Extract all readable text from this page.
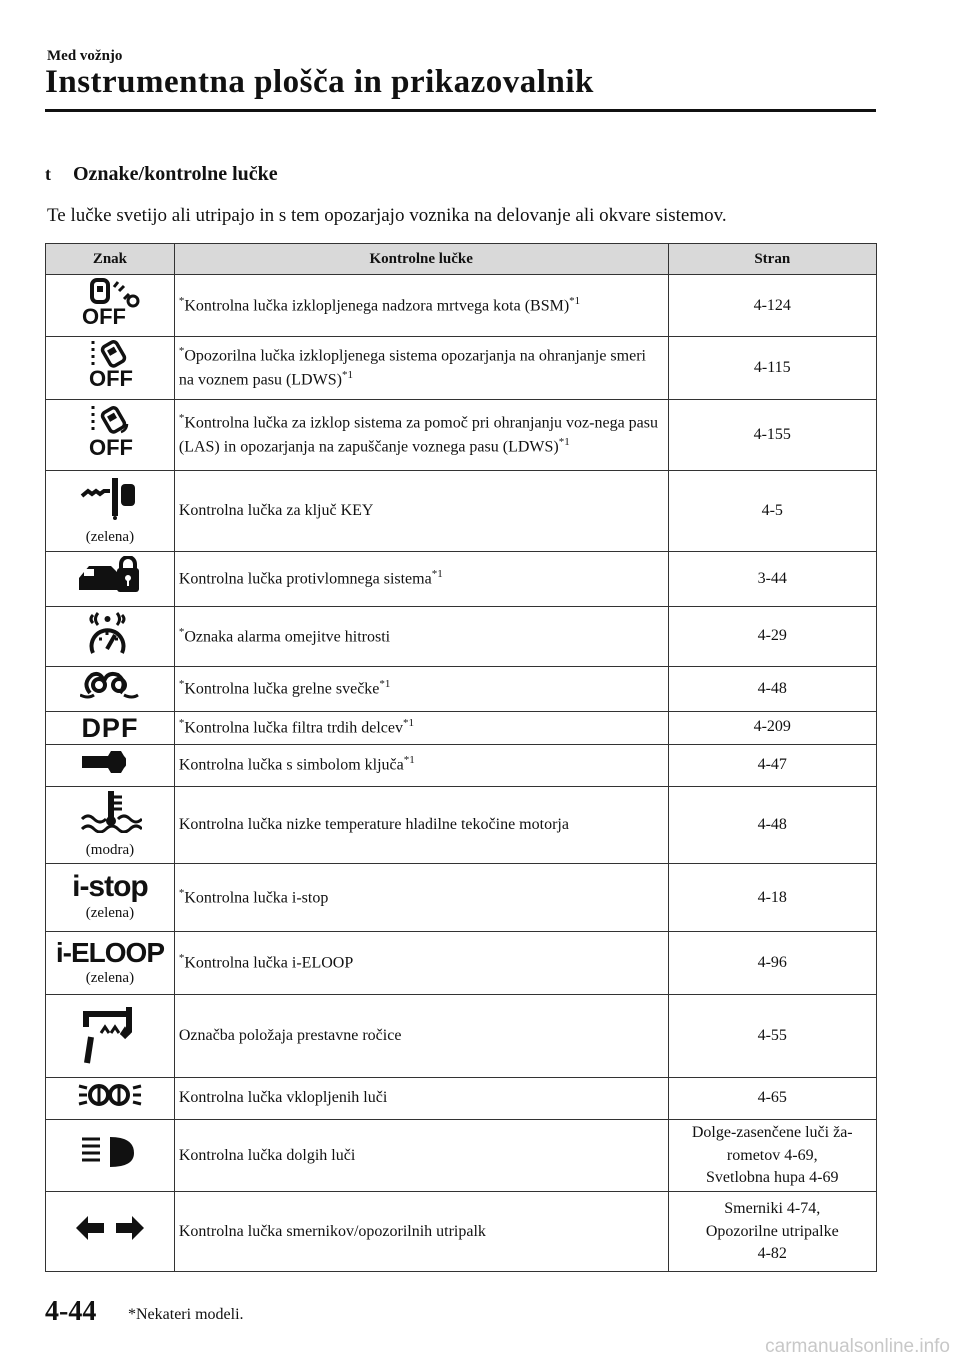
Med vožnjo
Instrumentna plošča in prikazovalnik
t	Oznake/kontrolne lučke
Te lučke svetijo ali utripajo in s tem opozarjajo voznika na delovanje ali okvare sistemov.
Znak	Kontrolne lučke	Stran

OFF	*Kontrolna lučka izklopljenega nadzora mrtvega kota (BSM)$^{*1}$	4-124

OFF	*Opozorilna lučka izklopljenega sistema opozarjanja na ohranjanje smeri na voznem pasu (LDWS)$^{*1}$	4-115

OFF	*Kontrolna lučka za izklop sistema za pomoč pri ohranjanju voz-nega pasu (LAS) in opozarjanja na zapuščanje voznega pasu (LDWS)$^{*1}$	4-155

(zelena)	Kontrolna lučka za ključ KEY	4-5

	Kontrolna lučka protivlomnega sistema$^{*1}$	3-44

	*Oznaka alarma omejitve hitrosti	4-29

	*Kontrolna lučka grelne svečke$^{*1}$	4-48

DPF	*Kontrolna lučka filtra trdih delcev$^{*1}$	4-209

	Kontrolna lučka s simbolom ključa$^{*1}$	4-47

(modra)	Kontrolna lučka nizke temperature hladilne tekočine motorja	4-48

i-stop
(zelena)	*Kontrolna lučka i-stop	4-18

i-ELOOP
(zelena)	*Kontrolna lučka i-ELOOP	4-96

	Označba položaja prestavne ročice	4-55

	Kontrolna lučka vklopljenih luči	4-65

	Kontrolna lučka dolgih luči	Dolge-zasenčene luči ža-
rometov 4-69,
Svetlobna hupa 4-69

	Kontrolna lučka smernikov/opozorilnih utripalk	Smerniki 4-74,
Opozorilne utripalke
4-82
4-44 *Nekateri modeli.
carmanualsonline.info
